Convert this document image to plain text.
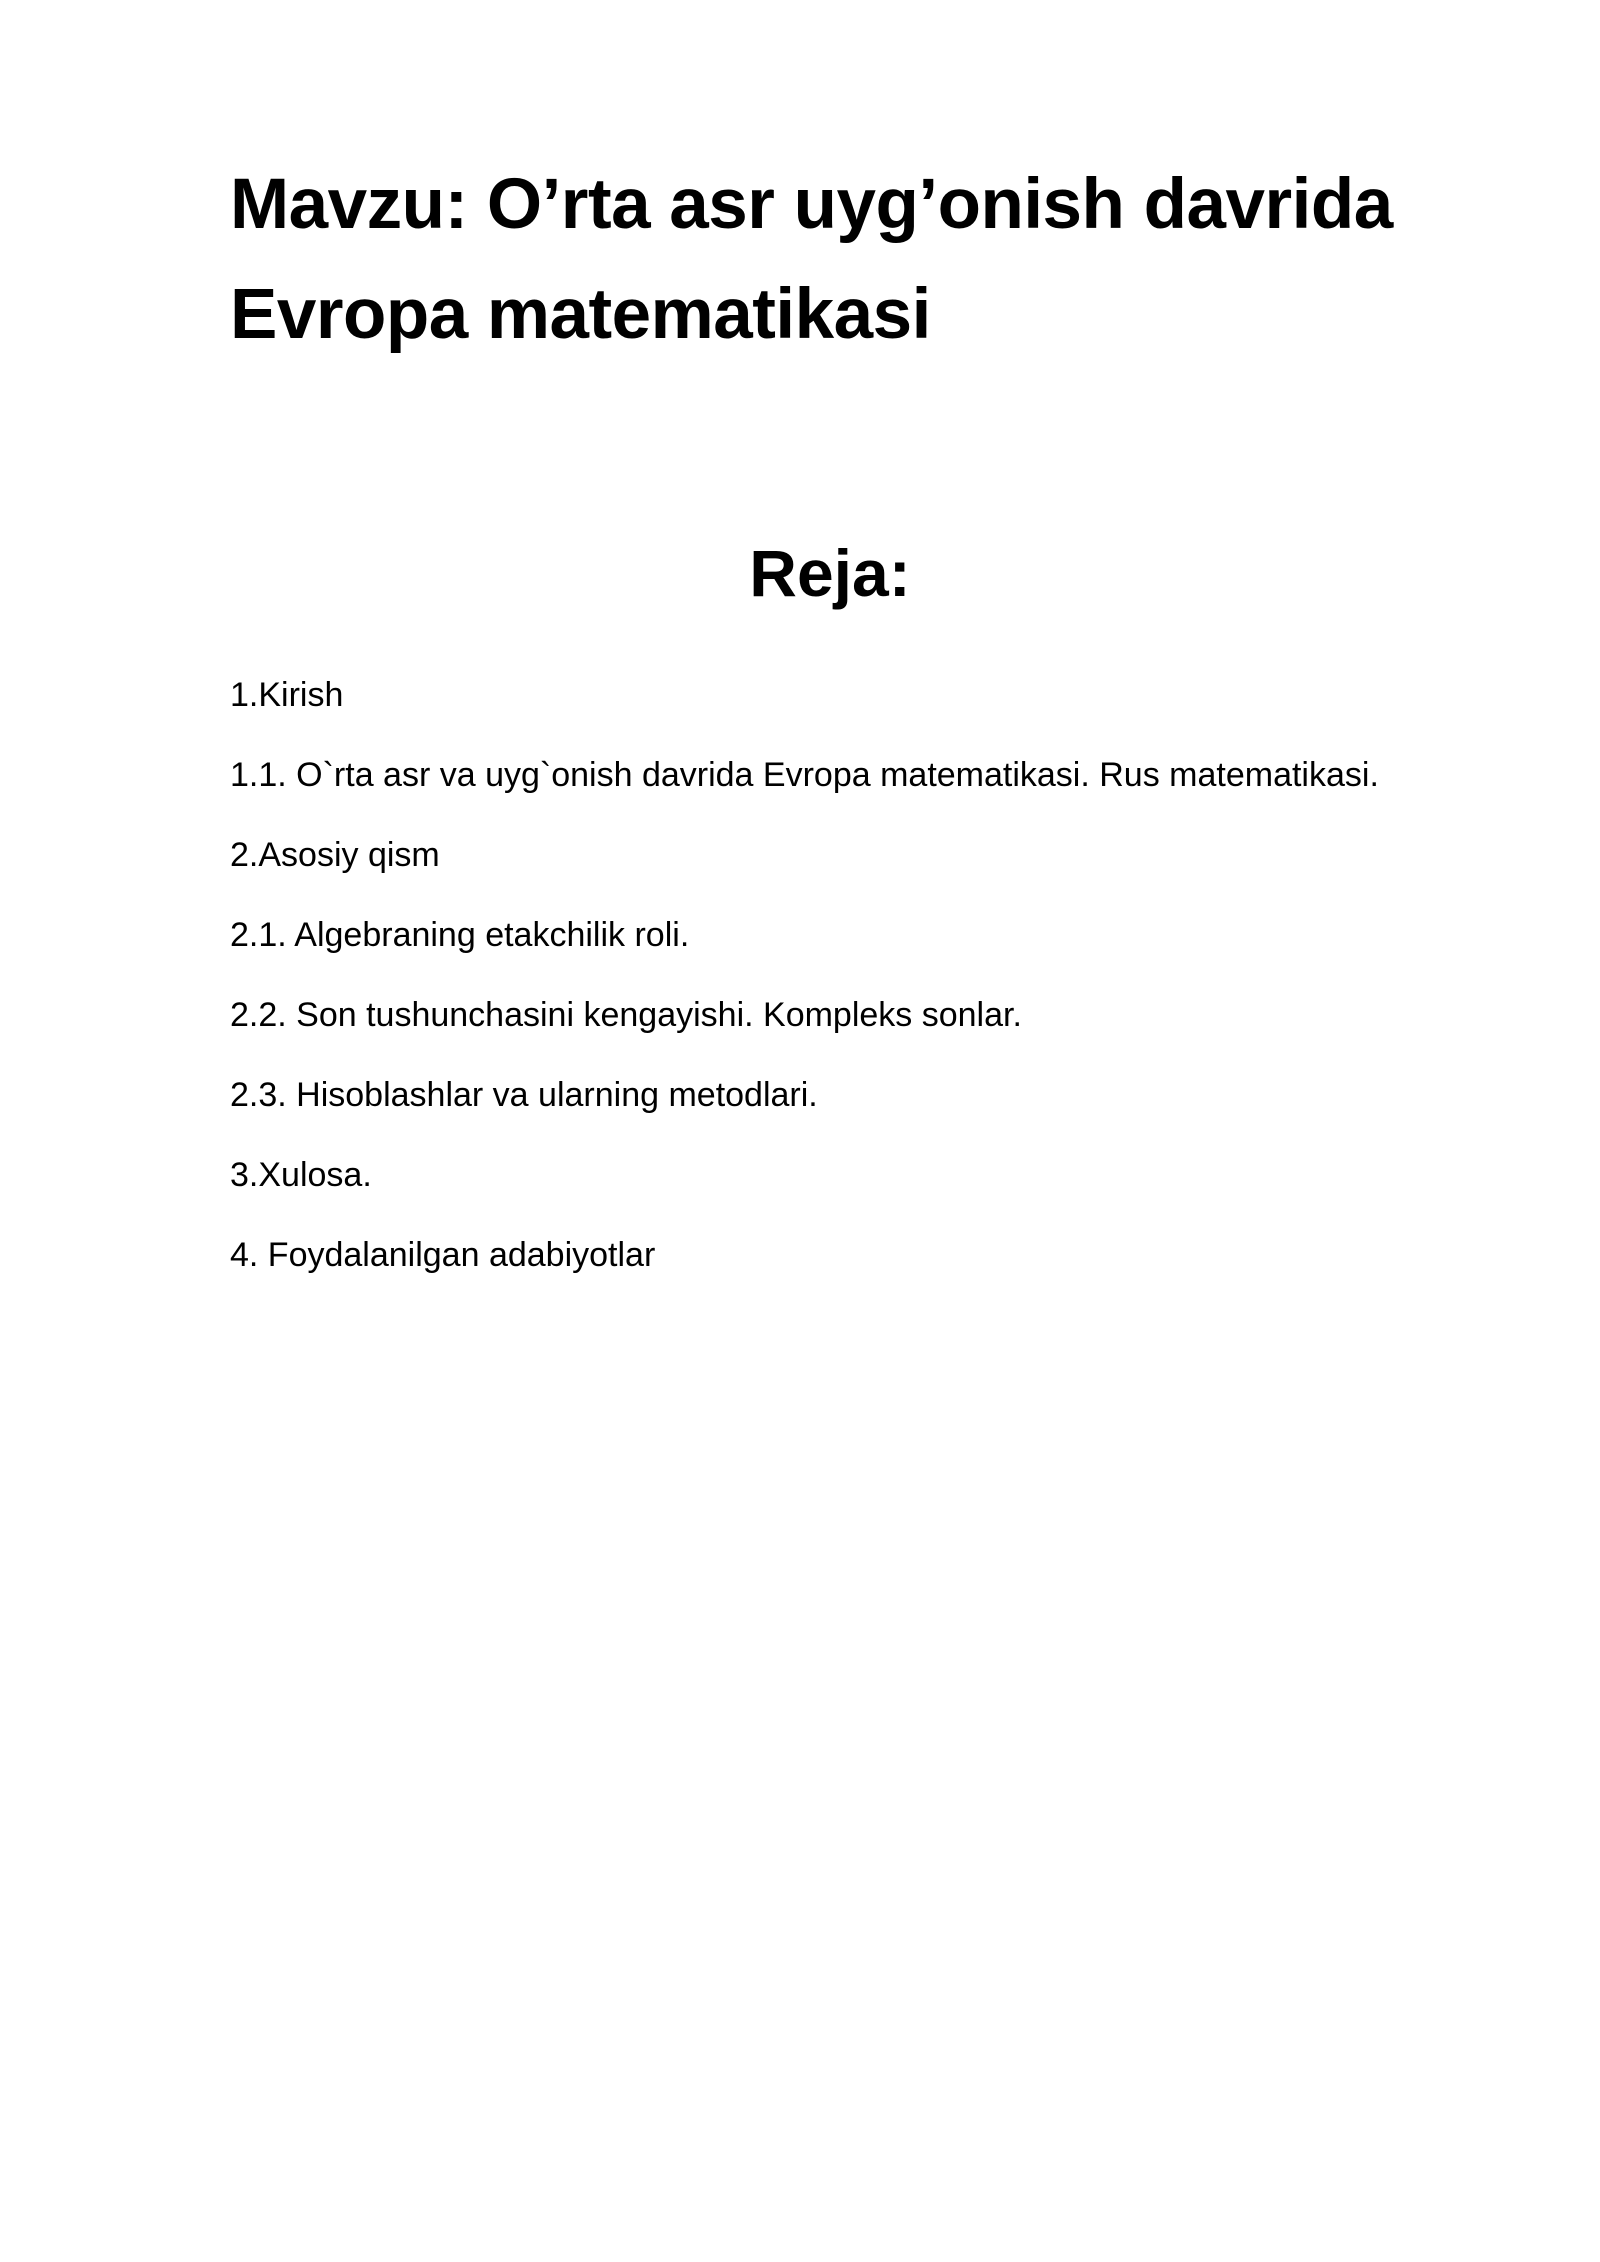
Mavzu: O’rta asr uyg’onish davrida
Evropa matematikasi
Reja:
1.Kirish
1.1. O`rta asr va uyg`onish davrida Evropa matematikasi. Rus matematikasi.
2.Asosiy qism
2.1. Algebraning etakchilik roli.
2.2. Son tushunchasini kengayishi. Kompleks sonlar.
2.3. Hisoblashlar va ularning metodlari.
3.Xulosa.
4. Foydalanilgan adabiyotlar
